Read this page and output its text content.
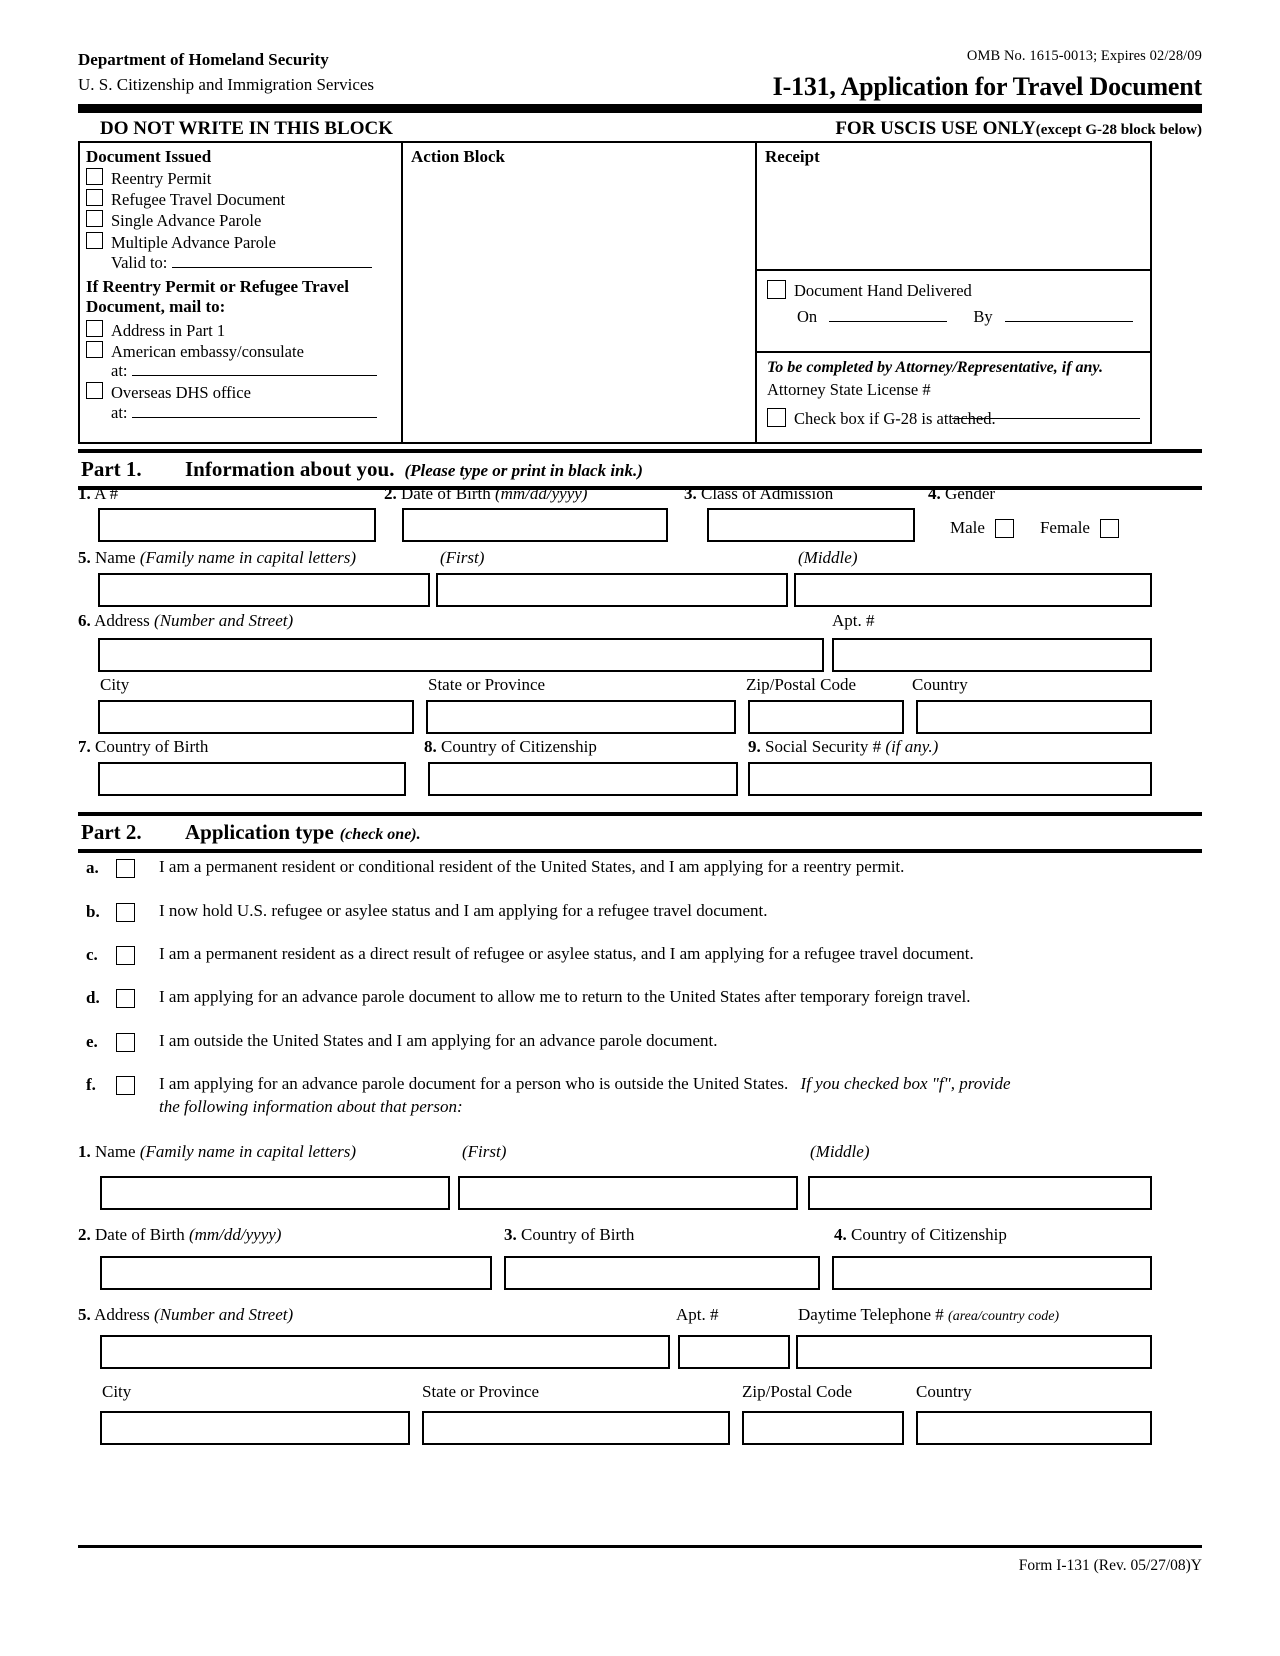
Department of Homeland Security
U. S. Citizenship and Immigration Services
OMB No. 1615-0013; Expires 02/28/09
I-131, Application for Travel Document
DO NOT WRITE IN THIS BLOCK	FOR USCIS USE ONLY(except G-28 block below)
Document Issued
Reentry Permit
Refugee Travel Document
Single Advance Parole
Multiple Advance Parole
Valid to:
If Reentry Permit or Refugee Travel
Document, mail to:
Address in Part 1
American embassy/consulate
at:
Overseas DHS office
at:
Action Block	Receipt
Document Hand Delivered
On	By
To be completed by Attorney/Representative, if any.
Attorney State License #
Check box if G-28 is attached.
Part 1.	Information about you. (Please type or print in black ink.)
1. A #	2. Date of Birth (mm/dd/yyyy)	3. Class of Admission	4. Gender
Male	Female
5. Name (Family name in capital letters)	(First)	(Middle)
6. Address (Number and Street)	Apt. #
City	State or Province	Zip/Postal Code	Country
7. Country of Birth	8. Country of Citizenship	9. Social Security # (if any.)
Part 2.	Application type (check one).
a.	I am a permanent resident or conditional resident of the United States, and I am applying for a reentry permit.
b.	I now hold U.S. refugee or asylee status and I am applying for a refugee travel document.
c.	I am a permanent resident as a direct result of refugee or asylee status, and I am applying for a refugee travel document.
d.	I am applying for an advance parole document to allow me to return to the United States after temporary foreign travel.
e.	I am outside the United States and I am applying for an advance parole document.
f.	I am applying for an advance parole document for a person who is outside the United States. If you checked box "f", provide
the following information about that person:
1. Name (Family name in capital letters)	(First)	(Middle)
2. Date of Birth (mm/dd/yyyy)	3. Country of Birth	4. Country of Citizenship
5. Address (Number and Street)	Apt. #	Daytime Telephone # (area/country code)
City	State or Province	Zip/Postal Code	Country
Form I-131 (Rev. 05/27/08)Y
